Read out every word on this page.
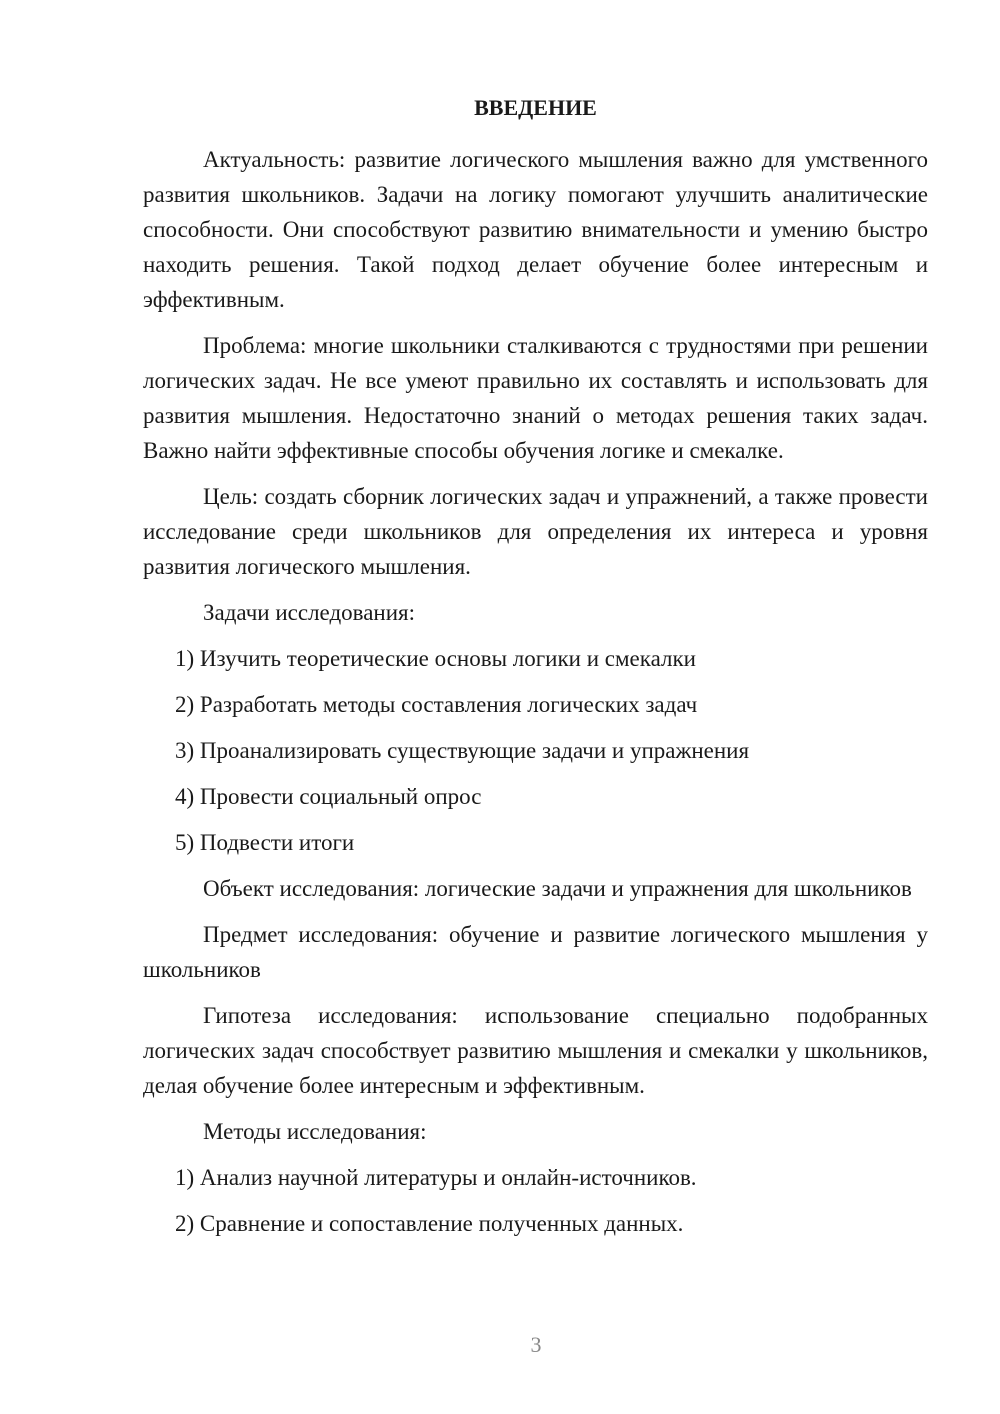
ВВЕДЕНИЕ
Актуальность: развитие логического мышления важно для умственного развития школьников. Задачи на логику помогают улучшить аналитические способности. Они способствуют развитию внимательности и умению быстро находить решения. Такой подход делает обучение более интересным и эффективным.
Проблема: многие школьники сталкиваются с трудностями при решении логических задач. Не все умеют правильно их составлять и использовать для развития мышления. Недостаточно знаний о методах решения таких задач. Важно найти эффективные способы обучения логике и смекалке.
Цель: создать сборник логических задач и упражнений, а также провести исследование среди школьников для определения их интереса и уровня развития логического мышления.
Задачи исследования:
1) Изучить теоретические основы логики и смекалки
2) Разработать методы составления логических задач
3) Проанализировать существующие задачи и упражнения
4) Провести социальный опрос
5) Подвести итоги
Объект исследования: логические задачи и упражнения для школьников
Предмет исследования: обучение и развитие логического мышления у школьников
Гипотеза исследования: использование специально подобранных логических задач способствует развитию мышления и смекалки у школьников, делая обучение более интересным и эффективным.
Методы исследования:
1) Анализ научной литературы и онлайн-источников.
2) Сравнение и сопоставление полученных данных.
3
